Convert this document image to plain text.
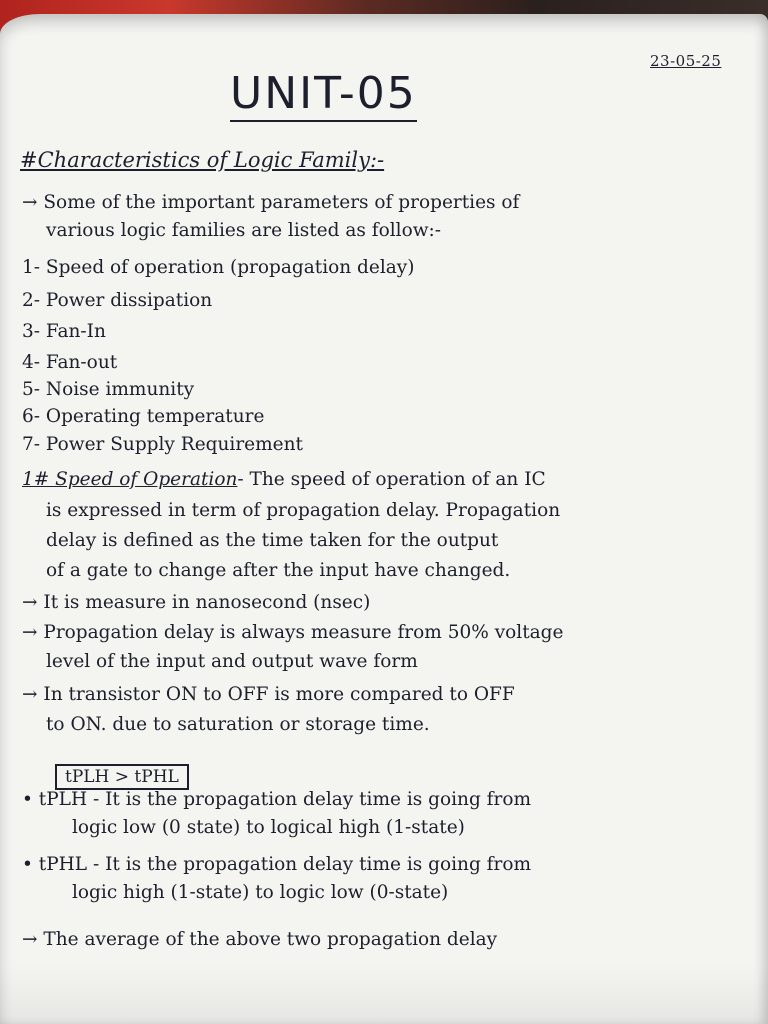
23-05-25
UNIT-05
#Characteristics of Logic Family:-
→ Some of the important parameters of properties of
various logic families are listed as follow:-
1- Speed of operation (propagation delay)
2- Power dissipation
3- Fan-In
4- Fan-out
5- Noise immunity
6- Operating temperature
7- Power Supply Requirement
1# Speed of Operation- The speed of operation of an IC
is expressed in term of propagation delay. Propagation
delay is defined as the time taken for the output
of a gate to change after the input have changed.
→ It is measure in nanosecond (nsec)
→ Propagation delay is always measure from 50% voltage
level of the input and output wave form
→ In transistor ON to OFF is more compared to OFF
to ON. due to saturation or storage time.
tPLH > tPHL
• tPLH - It is the propagation delay time is going from
logic low (0 state) to logical high (1-state)
• tPHL - It is the propagation delay time is going from
logic high (1-state) to logic low (0-state)
→ The average of the above two propagation delay
